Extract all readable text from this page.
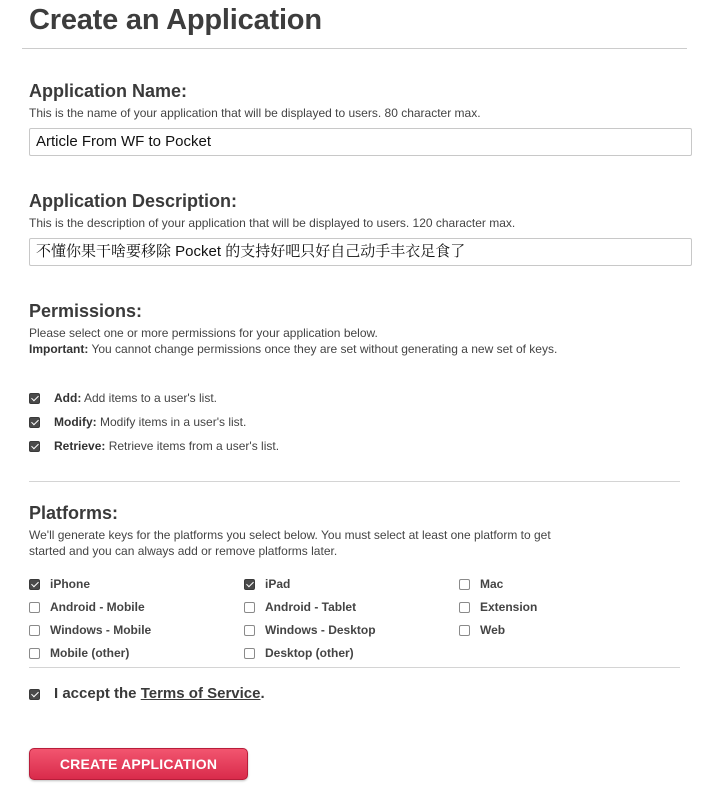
Create an Application
Application Name:
This is the name of your application that will be displayed to users. 80 character max.
Article From WF to Pocket
Application Description:
This is the description of your application that will be displayed to users. 120 character max.
不懂你果干啥要移除 Pocket 的支持好吧只好自己动手丰衣足食了
Permissions:
Please select one or more permissions for your application below.
Important: You cannot change permissions once they are set without generating a new set of keys.
Add: Add items to a user's list.
Modify: Modify items in a user's list.
Retrieve: Retrieve items from a user's list.
Platforms:
We'll generate keys for the platforms you select below. You must select at least one platform to get started and you can always add or remove platforms later.
iPhone	iPad	Mac
Android - Mobile	Android - Tablet	Extension
Windows - Mobile	Windows - Desktop	Web
Mobile (other)	Desktop (other)
I accept the Terms of Service.
CREATE APPLICATION
